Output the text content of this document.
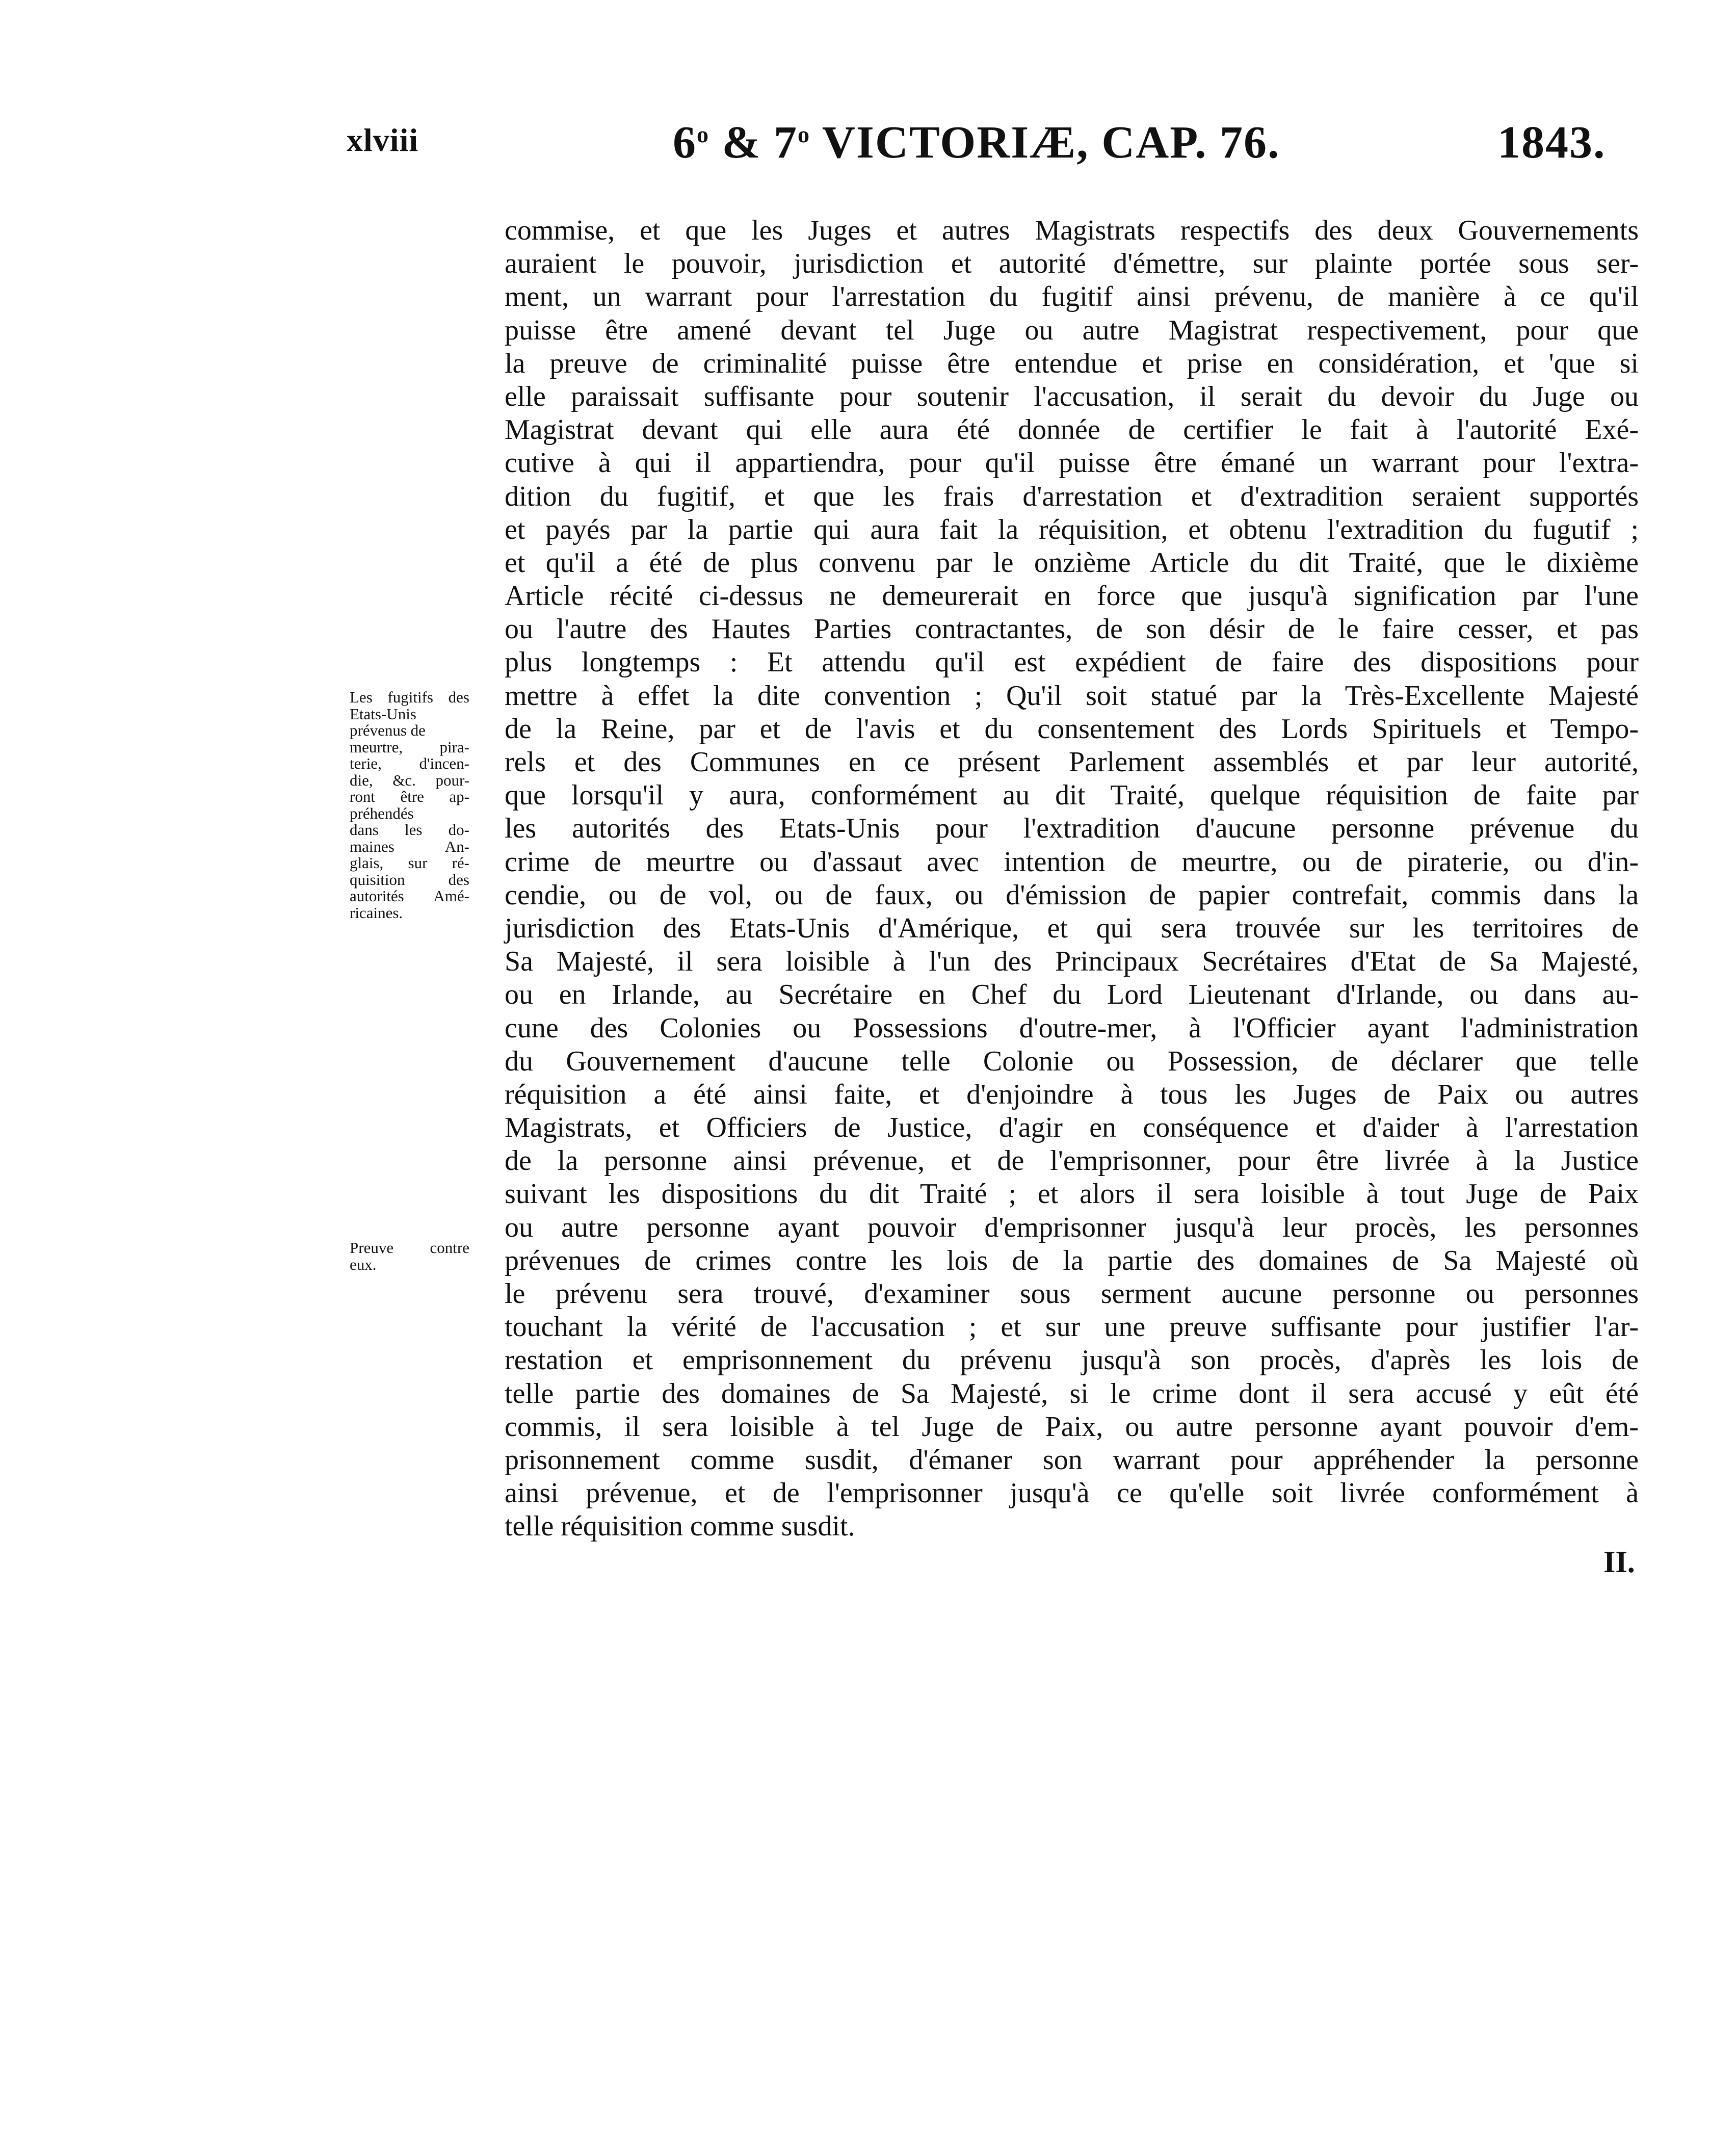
xlviii	6$^o$ & 7$^o$ VICTORIÆ, CAP. 76.	1843.
Les fugitifs des
Etats-Unis
prévenus de
meurtre, pira-
terie, d'incen-
die, &c. pour-
ront être ap-
préhendés
dans les do-
maines An-
glais, sur ré-
quisition des
autorités Amé-
ricaines.
Preuve contre
eux.
commise, et que les Juges et autres Magistrats respectifs des deux Gouvernements
auraient le pouvoir, jurisdiction et autorité d'émettre, sur plainte portée sous ser-
ment, un warrant pour l'arrestation du fugitif ainsi prévenu, de manière à ce qu'il
puisse être amené devant tel Juge ou autre Magistrat respectivement, pour que
la preuve de criminalité puisse être entendue et prise en considération, et 'que si
elle paraissait suffisante pour soutenir l'accusation, il serait du devoir du Juge ou
Magistrat devant qui elle aura été donnée de certifier le fait à l'autorité Exé-
cutive à qui il appartiendra, pour qu'il puisse être émané un warrant pour l'extra-
dition du fugitif, et que les frais d'arrestation et d'extradition seraient supportés
et payés par la partie qui aura fait la réquisition, et obtenu l'extradition du fugutif ;
et qu'il a été de plus convenu par le onzième Article du dit Traité, que le dixième
Article récité ci-dessus ne demeurerait en force que jusqu'à signification par l'une
ou l'autre des Hautes Parties contractantes, de son désir de le faire cesser, et pas
plus longtemps : Et attendu qu'il est expédient de faire des dispositions pour
mettre à effet la dite convention ; Qu'il soit statué par la Très-Excellente Majesté
de la Reine, par et de l'avis et du consentement des Lords Spirituels et Tempo-
rels et des Communes en ce présent Parlement assemblés et par leur autorité,
que lorsqu'il y aura, conformément au dit Traité, quelque réquisition de faite par
les autorités des Etats-Unis pour l'extradition d'aucune personne prévenue du
crime de meurtre ou d'assaut avec intention de meurtre, ou de piraterie, ou d'in-
cendie, ou de vol, ou de faux, ou d'émission de papier contrefait, commis dans la
jurisdiction des Etats-Unis d'Amérique, et qui sera trouvée sur les territoires de
Sa Majesté, il sera loisible à l'un des Principaux Secrétaires d'Etat de Sa Majesté,
ou en Irlande, au Secrétaire en Chef du Lord Lieutenant d'Irlande, ou dans au-
cune des Colonies ou Possessions d'outre-mer, à l'Officier ayant l'administration
du Gouvernement d'aucune telle Colonie ou Possession, de déclarer que telle
réquisition a été ainsi faite, et d'enjoindre à tous les Juges de Paix ou autres
Magistrats, et Officiers de Justice, d'agir en conséquence et d'aider à l'arrestation
de la personne ainsi prévenue, et de l'emprisonner, pour être livrée à la Justice
suivant les dispositions du dit Traité ; et alors il sera loisible à tout Juge de Paix
ou autre personne ayant pouvoir d'emprisonner jusqu'à leur procès, les personnes
prévenues de crimes contre les lois de la partie des domaines de Sa Majesté où
le prévenu sera trouvé, d'examiner sous serment aucune personne ou personnes
touchant la vérité de l'accusation ; et sur une preuve suffisante pour justifier l'ar-
restation et emprisonnement du prévenu jusqu'à son procès, d'après les lois de
telle partie des domaines de Sa Majesté, si le crime dont il sera accusé y eût été
commis, il sera loisible à tel Juge de Paix, ou autre personne ayant pouvoir d'em-
prisonnement comme susdit, d'émaner son warrant pour appréhender la personne
ainsi prévenue, et de l'emprisonner jusqu'à ce qu'elle soit livrée conformément à
telle réquisition comme susdit.
II.
